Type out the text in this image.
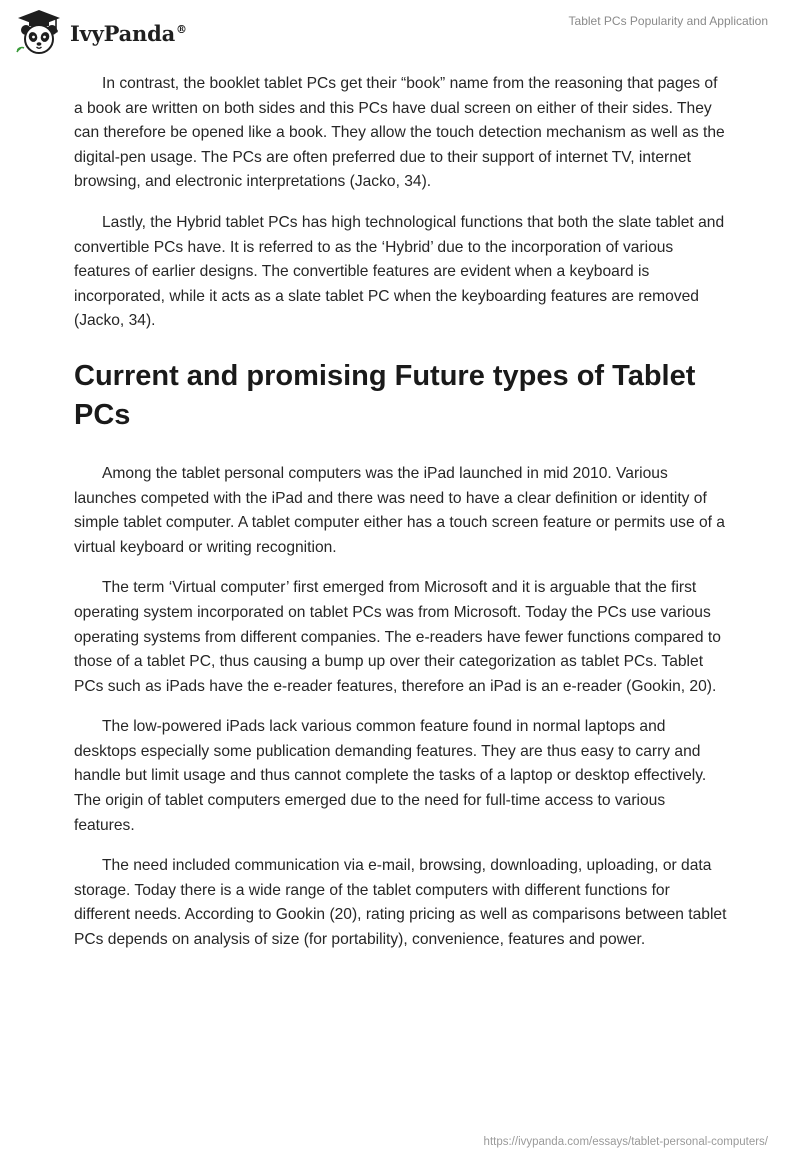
IvyPanda®
Tablet PCs Popularity and Application

In contrast, the booklet tablet PCs get their “book” name from the reasoning that pages of a book are written on both sides and this PCs have dual screen on either of their sides. They can therefore be opened like a book. They allow the touch detection mechanism as well as the digital-pen usage. The PCs are often preferred due to their support of internet TV, internet browsing, and electronic interpretations (Jacko, 34).

Lastly, the Hybrid tablet PCs has high technological functions that both the slate tablet and convertible PCs have. It is referred to as the ‘Hybrid’ due to the incorporation of various features of earlier designs. The convertible features are evident when a keyboard is incorporated, while it acts as a slate tablet PC when the keyboarding features are removed (Jacko, 34).

Current and promising Future types of Tablet PCs

Among the tablet personal computers was the iPad launched in mid 2010. Various launches competed with the iPad and there was need to have a clear definition or identity of simple tablet computer. A tablet computer either has a touch screen feature or permits use of a virtual keyboard or writing recognition.

The term ‘Virtual computer’ first emerged from Microsoft and it is arguable that the first operating system incorporated on tablet PCs was from Microsoft. Today the PCs use various operating systems from different companies. The e-readers have fewer functions compared to those of a tablet PC, thus causing a bump up over their categorization as tablet PCs. Tablet PCs such as iPads have the e-reader features, therefore an iPad is an e-reader (Gookin, 20).

The low-powered iPads lack various common feature found in normal laptops and desktops especially some publication demanding features. They are thus easy to carry and handle but limit usage and thus cannot complete the tasks of a laptop or desktop effectively. The origin of tablet computers emerged due to the need for full-time access to various features.

The need included communication via e-mail, browsing, downloading, uploading, or data storage. Today there is a wide range of the tablet computers with different functions for different needs. According to Gookin (20), rating pricing as well as comparisons between tablet PCs depends on analysis of size (for portability), convenience, features and power.

https://ivypanda.com/essays/tablet-personal-computers/
